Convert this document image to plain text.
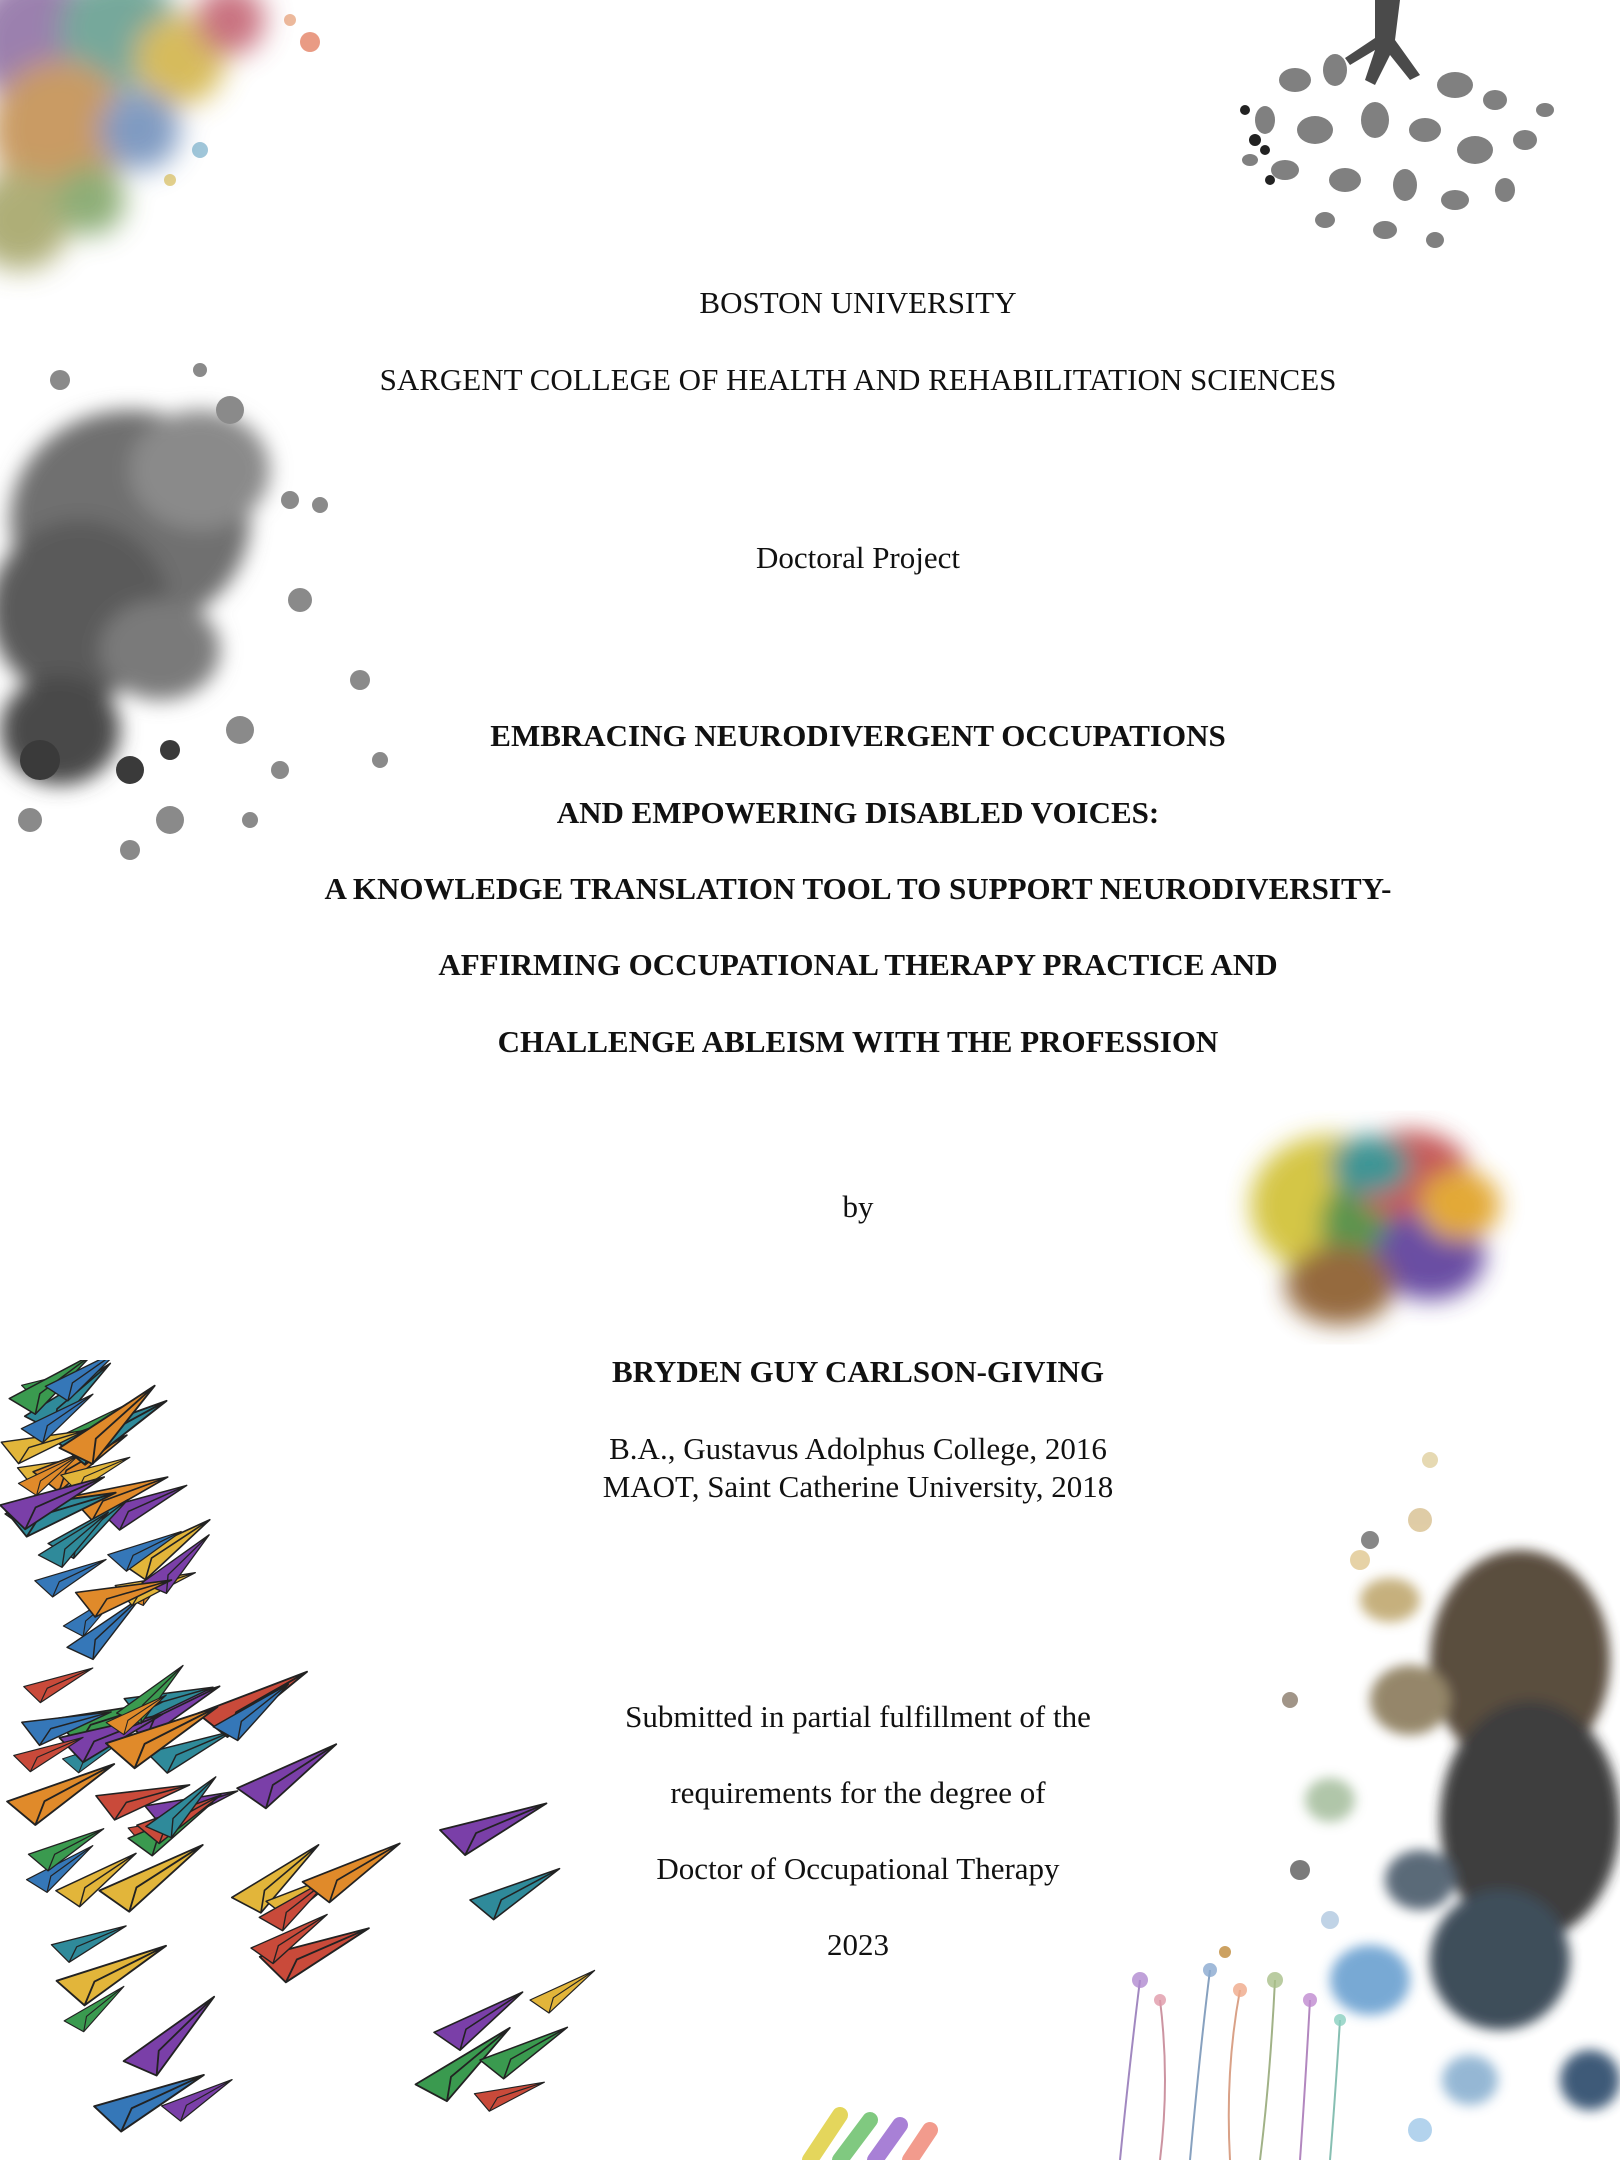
BOSTON UNIVERSITY
SARGENT COLLEGE OF HEALTH AND REHABILITATION SCIENCES
Doctoral Project
EMBRACING NEURODIVERGENT OCCUPATIONS
AND EMPOWERING DISABLED VOICES:
A KNOWLEDGE TRANSLATION TOOL TO SUPPORT NEURODIVERSITY-
AFFIRMING OCCUPATIONAL THERAPY PRACTICE AND
CHALLENGE ABLEISM WITH THE PROFESSION
by
BRYDEN GUY CARLSON-GIVING
B.A., Gustavus Adolphus College, 2016
MAOT, Saint Catherine University, 2018
Submitted in partial fulfillment of the
requirements for the degree of
Doctor of Occupational Therapy
2023
